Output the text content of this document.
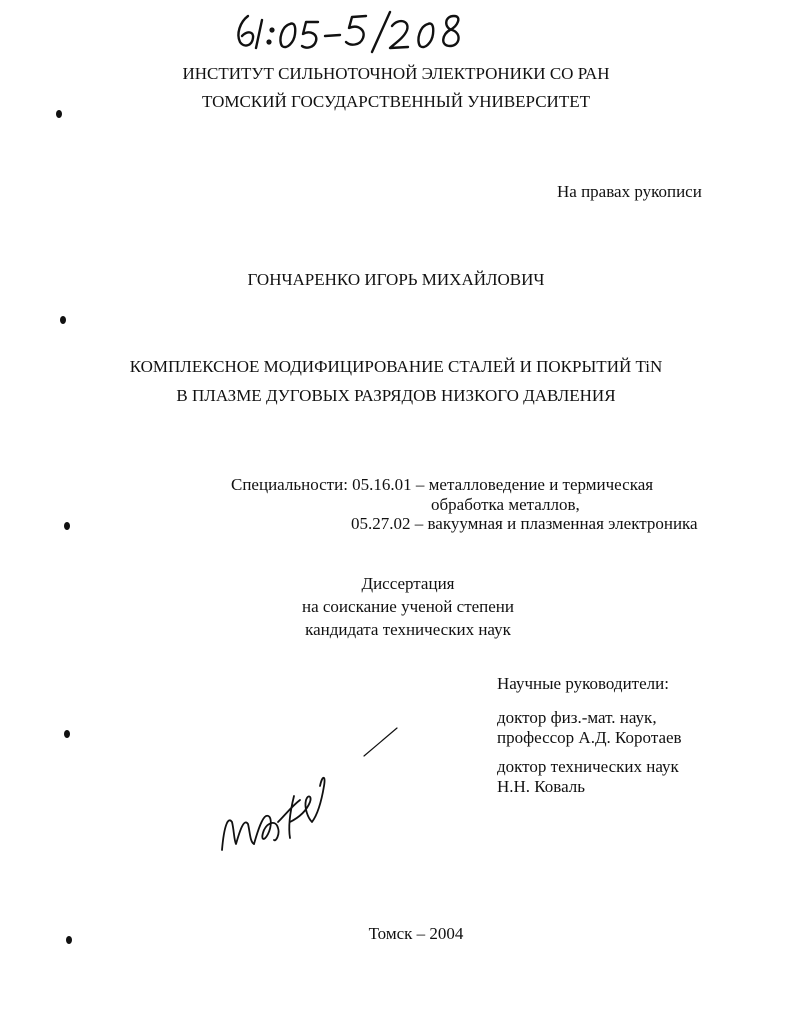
ИНСТИТУТ СИЛЬНОТОЧНОЙ ЭЛЕКТРОНИКИ СО РАН
ТОМСКИЙ ГОСУДАРСТВЕННЫЙ УНИВЕРСИТЕТ
На правах рукописи
ГОНЧАРЕНКО ИГОРЬ МИХАЙЛОВИЧ
КОМПЛЕКСНОЕ МОДИФИЦИРОВАНИЕ СТАЛЕЙ И ПОКРЫТИЙ TiN
В ПЛАЗМЕ ДУГОВЫХ РАЗРЯДОВ НИЗКОГО ДАВЛЕНИЯ
Специальности: 05.16.01 – металловедение и термическая
обработка металлов,
05.27.02 – вакуумная и плазменная электроника
Диссертация
на соискание ученой степени
кандидата технических наук
Научные руководители:
доктор физ.-мат. наук,
профессор А.Д. Коротаев
доктор технических наук
Н.Н. Коваль
Томск – 2004
